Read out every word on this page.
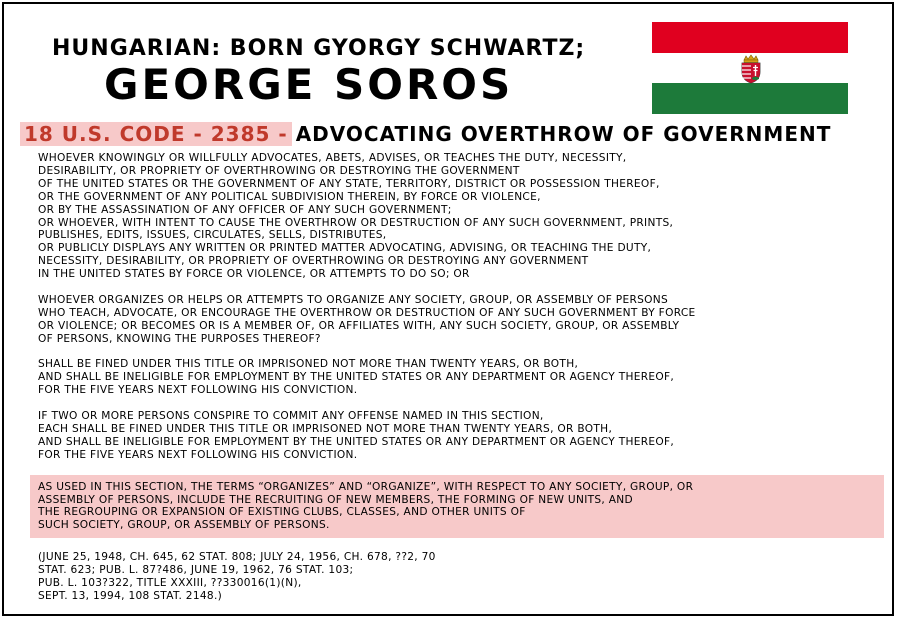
HUNGARIAN: BORN GYORGY SCHWARTZ;
GEORGE SOROS
18 U.S. CODE - 2385 - ADVOCATING OVERTHROW OF GOVERNMENT
WHOEVER KNOWINGLY OR WILLFULLY ADVOCATES, ABETS, ADVISES, OR TEACHES THE DUTY, NECESSITY,
DESIRABILITY, OR PROPRIETY OF OVERTHROWING OR DESTROYING THE GOVERNMENT
OF THE UNITED STATES OR THE GOVERNMENT OF ANY STATE, TERRITORY, DISTRICT OR POSSESSION THEREOF,
OR THE GOVERNMENT OF ANY POLITICAL SUBDIVISION THEREIN, BY FORCE OR VIOLENCE,
OR BY THE ASSASSINATION OF ANY OFFICER OF ANY SUCH GOVERNMENT;
OR WHOEVER, WITH INTENT TO CAUSE THE OVERTHROW OR DESTRUCTION OF ANY SUCH GOVERNMENT, PRINTS,
PUBLISHES, EDITS, ISSUES, CIRCULATES, SELLS, DISTRIBUTES,
OR PUBLICLY DISPLAYS ANY WRITTEN OR PRINTED MATTER ADVOCATING, ADVISING, OR TEACHING THE DUTY,
NECESSITY, DESIRABILITY, OR PROPRIETY OF OVERTHROWING OR DESTROYING ANY GOVERNMENT
IN THE UNITED STATES BY FORCE OR VIOLENCE, OR ATTEMPTS TO DO SO; OR
WHOEVER ORGANIZES OR HELPS OR ATTEMPTS TO ORGANIZE ANY SOCIETY, GROUP, OR ASSEMBLY OF PERSONS
WHO TEACH, ADVOCATE, OR ENCOURAGE THE OVERTHROW OR DESTRUCTION OF ANY SUCH GOVERNMENT BY FORCE
OR VIOLENCE; OR BECOMES OR IS A MEMBER OF, OR AFFILIATES WITH, ANY SUCH SOCIETY, GROUP, OR ASSEMBLY
OF PERSONS, KNOWING THE PURPOSES THEREOF?
SHALL BE FINED UNDER THIS TITLE OR IMPRISONED NOT MORE THAN TWENTY YEARS, OR BOTH,
AND SHALL BE INELIGIBLE FOR EMPLOYMENT BY THE UNITED STATES OR ANY DEPARTMENT OR AGENCY THEREOF,
FOR THE FIVE YEARS NEXT FOLLOWING HIS CONVICTION.
IF TWO OR MORE PERSONS CONSPIRE TO COMMIT ANY OFFENSE NAMED IN THIS SECTION,
EACH SHALL BE FINED UNDER THIS TITLE OR IMPRISONED NOT MORE THAN TWENTY YEARS, OR BOTH,
AND SHALL BE INELIGIBLE FOR EMPLOYMENT BY THE UNITED STATES OR ANY DEPARTMENT OR AGENCY THEREOF,
FOR THE FIVE YEARS NEXT FOLLOWING HIS CONVICTION.
AS USED IN THIS SECTION, THE TERMS “ORGANIZES” AND “ORGANIZE”, WITH RESPECT TO ANY SOCIETY, GROUP, OR
ASSEMBLY OF PERSONS, INCLUDE THE RECRUITING OF NEW MEMBERS, THE FORMING OF NEW UNITS, AND
THE REGROUPING OR EXPANSION OF EXISTING CLUBS, CLASSES, AND OTHER UNITS OF
SUCH SOCIETY, GROUP, OR ASSEMBLY OF PERSONS.
(JUNE 25, 1948, CH. 645, 62 STAT. 808; JULY 24, 1956, CH. 678, ??2, 70
STAT. 623; PUB. L. 87?486, JUNE 19, 1962, 76 STAT. 103;
PUB. L. 103?322, TITLE XXXIII, ??330016(1)(N),
SEPT. 13, 1994, 108 STAT. 2148.)
